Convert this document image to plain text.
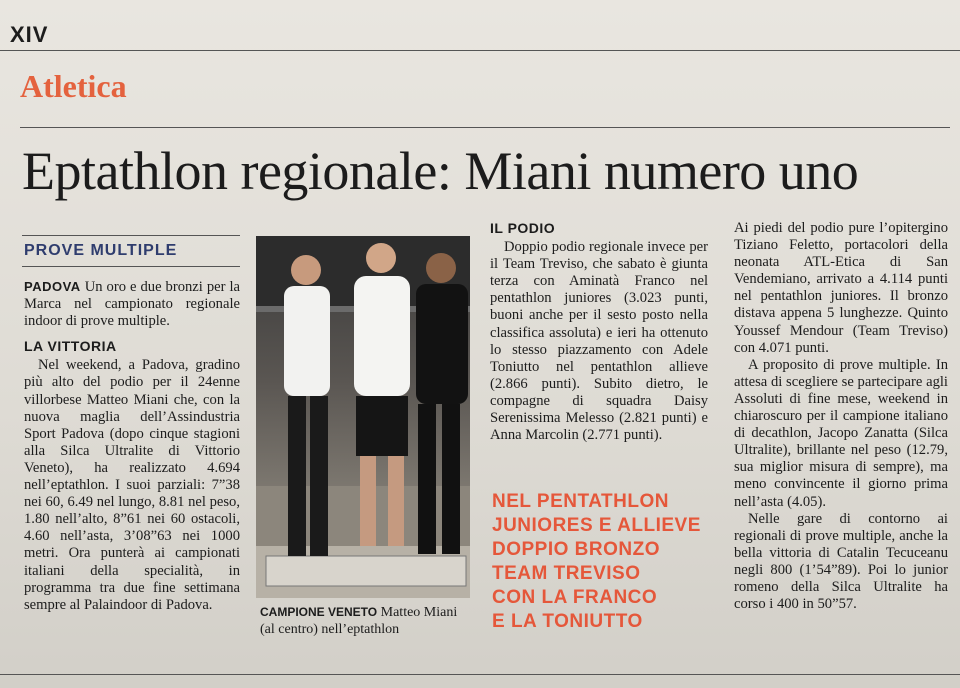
XIV
Atletica
Eptathlon regionale: Miani numero uno
PROVE MULTIPLE

PADOVA Un oro e due bronzi per la Marca nel campionato regionale indoor di prove multiple.

LA VITTORIA

Nel weekend, a Padova, gradino più alto del podio per il 24enne villorbese Matteo Miani che, con la nuova maglia dell’Assindustria Sport Padova (dopo cinque stagioni alla Silca Ultralite di Vittorio Veneto), ha realizzato 4.694 nell’eptathlon. I suoi parziali: 7”38 nei 60, 6.49 nel lungo, 8.81 nel peso, 1.80 nell’alto, 8”61 nei 60 ostacoli, 4.60 nell’asta, 3’08”63 nei 1000 metri. Ora punterà ai campionati italiani della specialità, in programma tra due fine settimana sempre al Palaindoor di Padova.	CAMPIONE VENETO Matteo Miani (al centro) nell’eptathlon
IL PODIO

Doppio podio regionale invece per il Team Treviso, che sabato è giunta terza con Aminatà Franco nel pentathlon juniores (3.023 punti, buoni anche per il sesto posto nella classifica assoluta) e ieri ha ottenuto lo stesso piazzamento con Adele Toniutto nel pentathlon allieve (2.866 punti). Subito dietro, le compagne di squadra Daisy Serenissima Melesso (2.821 punti) e Anna Marcolin (2.771 punti).

NEL PENTATHLON
JUNIORES E ALLIEVE
DOPPIO BRONZO
TEAM TREVISO
CON LA FRANCO
E LA TONIUTTO

Ai piedi del podio pure l’opitergino Tiziano Feletto, portacolori della neonata ATL-Etica di San Vendemiano, arrivato a 4.114 punti nel pentathlon juniores. Il bronzo distava appena 5 lunghezze. Quinto Youssef Mendour (Team Treviso) con 4.071 punti.

A proposito di prove multiple. In attesa di scegliere se partecipare agli Assoluti di fine mese, weekend in chiaroscuro per il campione italiano di decathlon, Jacopo Zanatta (Silca Ultralite), brillante nel peso (12.79, sua miglior misura di sempre), ma meno convincente il giorno prima nell’asta (4.05).

Nelle gare di contorno ai regionali di prove multiple, anche la bella vittoria di Catalin Tecuceanu negli 800 (1’54”89). Poi lo junior romeno della Silca Ultralite ha corso i 400 in 50”57.
